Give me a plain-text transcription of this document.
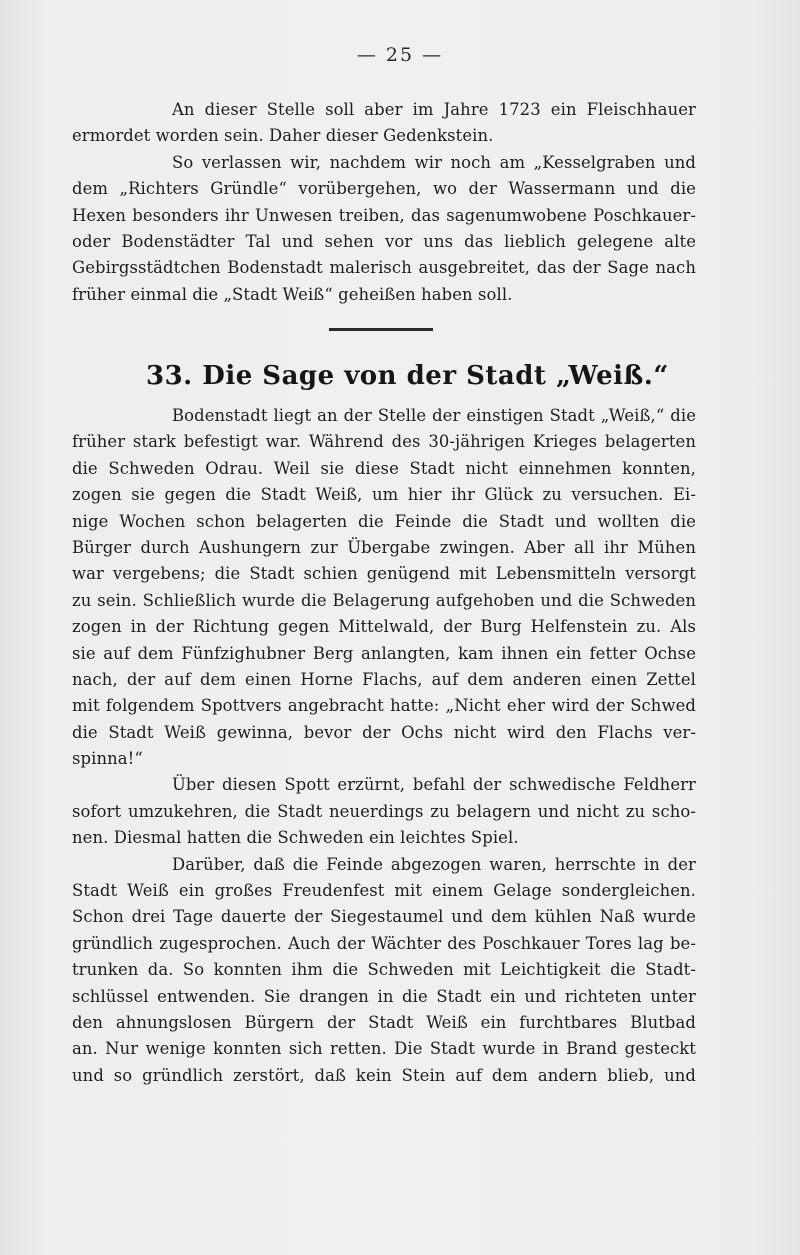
— 25 —
An dieser Stelle soll aber im Jahre 1723 ein Fleischhauer
ermordet worden sein. Daher dieser Gedenkstein.
So verlassen wir, nachdem wir noch am „Kesselgraben und
dem „Richters Gründle“ vorübergehen, wo der Wassermann und die
Hexen besonders ihr Unwesen treiben, das sagenumwobene Poschkauer-
oder Bodenstädter Tal und sehen vor uns das lieblich gelegene alte
Gebirgsstädtchen Bodenstadt malerisch ausgebreitet, das der Sage nach
früher einmal die „Stadt Weiß“ geheißen haben soll.
33. Die Sage von der Stadt „Weiß.“
Bodenstadt liegt an der Stelle der einstigen Stadt „Weiß,“ die
früher stark befestigt war. Während des 30-jährigen Krieges belagerten
die Schweden Odrau. Weil sie diese Stadt nicht einnehmen konnten,
zogen sie gegen die Stadt Weiß, um hier ihr Glück zu versuchen. Ei-
nige Wochen schon belagerten die Feinde die Stadt und wollten die
Bürger durch Aushungern zur Übergabe zwingen. Aber all ihr Mühen
war vergebens; die Stadt schien genügend mit Lebensmitteln versorgt
zu sein. Schließlich wurde die Belagerung aufgehoben und die Schweden
zogen in der Richtung gegen Mittelwald, der Burg Helfenstein zu. Als
sie auf dem Fünfzighubner Berg anlangten, kam ihnen ein fetter Ochse
nach, der auf dem einen Horne Flachs, auf dem anderen einen Zettel
mit folgendem Spottvers angebracht hatte: „Nicht eher wird der Schwed
die Stadt Weiß gewinna, bevor der Ochs nicht wird den Flachs ver-
spinna!“
Über diesen Spott erzürnt, befahl der schwedische Feldherr
sofort umzukehren, die Stadt neuerdings zu belagern und nicht zu scho-
nen. Diesmal hatten die Schweden ein leichtes Spiel.
Darüber, daß die Feinde abgezogen waren, herrschte in der
Stadt Weiß ein großes Freudenfest mit einem Gelage sondergleichen.
Schon drei Tage dauerte der Siegestaumel und dem kühlen Naß wurde
gründlich zugesprochen. Auch der Wächter des Poschkauer Tores lag be-
trunken da. So konnten ihm die Schweden mit Leichtigkeit die Stadt-
schlüssel entwenden. Sie drangen in die Stadt ein und richteten unter
den ahnungslosen Bürgern der Stadt Weiß ein furchtbares Blutbad
an. Nur wenige konnten sich retten. Die Stadt wurde in Brand gesteckt
und so gründlich zerstört, daß kein Stein auf dem andern blieb, und
